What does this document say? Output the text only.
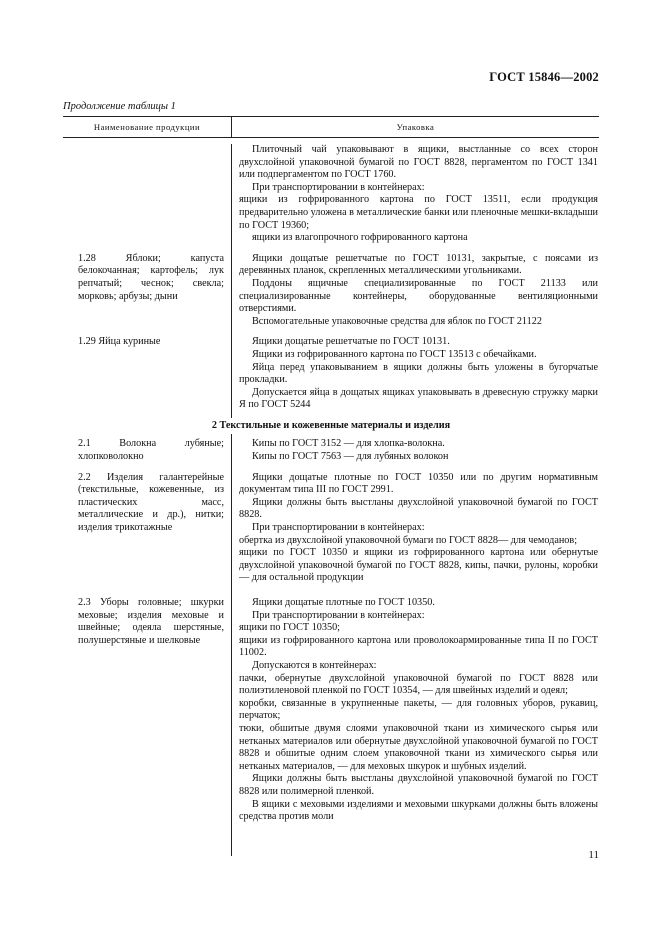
ГОСТ 15846—2002
Продолжение таблицы 1
Наименование продукции	Упаковка
Плиточный чай упаковывают в ящики, выстланные со всех сторон двухслойной упаковочной бумагой по ГОСТ 8828, пергаментом по ГОСТ 1341 или подпергаментом по ГОСТ 1760.
При транспортировании в контейнерах:
ящики из гофрированного картона по ГОСТ 13511, если продукция предварительно уложена в металлические банки или пленочные мешки-вкладыши по ГОСТ 19360;
ящики из влагопрочного гофрированного картона
1.28 Яблоки; капуста белокочанная; картофель; лук репчатый; чеснок; свекла; морковь; арбузы; дыни
Ящики дощатые решетчатые по ГОСТ 10131, закрытые, с поясами из деревянных планок, скрепленных металлическими угольниками.
Поддоны ящичные специализированные по ГОСТ 21133 или специализированные контейнеры, оборудованные вентиляционными отверстиями.
Вспомогательные упаковочные средства для яблок по ГОСТ 21122
1.29 Яйца куриные	Ящики дощатые решетчатые по ГОСТ 10131.
Ящики из гофрированного картона по ГОСТ 13513 с обечайками.
Яйца перед упаковыванием в ящики должны быть уложены в бугорчатые прокладки.
Допускается яйца в дощатых ящиках упаковывать в древесную стружку марки Я по ГОСТ 5244
2 Текстильные и кожевенные материалы и изделия
2.1 Волокна лубяные; хлопковолокно
Кипы по ГОСТ 3152 — для хлопка-волокна.
Кипы по ГОСТ 7563 — для лубяных волокон
2.2 Изделия галантерейные (текстильные, кожевенные, из пластических масс, металлические и др.), нитки; изделия трикотажные
Ящики дощатые плотные по ГОСТ 10350 или по другим нормативным документам типа III по ГОСТ 2991.
Ящики должны быть выстланы двухслойной упаковочной бумагой по ГОСТ 8828.
При транспортировании в контейнерах:
обертка из двухслойной упаковочной бумаги по ГОСТ 8828— для чемоданов;
ящики по ГОСТ 10350 и ящики из гофрированного картона или обернутые двухслойной упаковочной бумагой по ГОСТ 8828, кипы, пачки, рулоны, коробки — для остальной продукции
2.3 Уборы головные; шкурки меховые; изделия меховые и швейные; одеяла шерстяные, полушерстяные и шелковые
Ящики дощатые плотные по ГОСТ 10350.
При транспортировании в контейнерах:
ящики по ГОСТ 10350;
ящики из гофрированного картона или проволокоармированные типа II по ГОСТ 11002.
Допускаются в контейнерах:
пачки, обернутые двухслойной упаковочной бумагой по ГОСТ 8828 или полиэтиленовой пленкой по ГОСТ 10354, — для швейных изделий и одеял;
коробки, связанные в укрупненные пакеты, — для головных уборов, рукавиц, перчаток;
тюки, обшитые двумя слоями упаковочной ткани из химического сырья или нетканых материалов или обернутые двухслойной упаковочной бумагой по ГОСТ 8828 и обшитые одним слоем упаковочной ткани из химического сырья или нетканых материалов, — для меховых шкурок и шубных изделий.
Ящики должны быть выстланы двухслойной упаковочной бумагой по ГОСТ 8828 или полимерной пленкой.
В ящики с меховыми изделиями и меховыми шкурками должны быть вложены средства против моли
11
